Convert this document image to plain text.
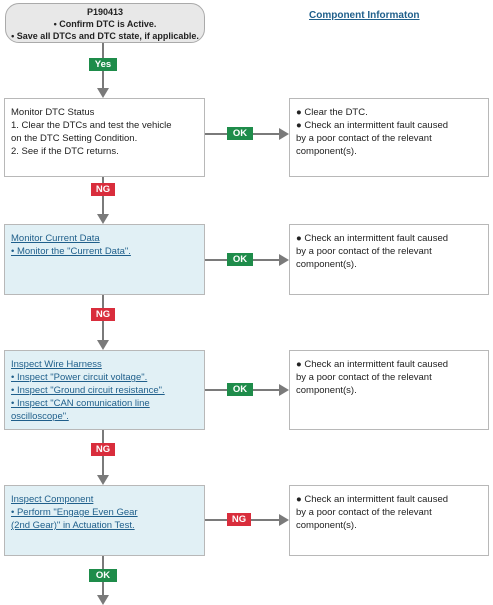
P190413
• Confirm DTC is Active.
• Save all DTCs and DTC state, if applicable.
Component Informaton
Yes
Monitor DTC Status
1. Clear the DTCs and test the vehicle
on the DTC Setting Condition.
2. See if the DTC returns.
OK
● Clear the DTC.
● Check an intermittent fault caused
by a poor contact of the relevant
component(s).
NG
Monitor Current Data
• Monitor the "Current Data".
OK
● Check an intermittent fault caused
by a poor contact of the relevant
component(s).
NG
Inspect Wire Harness
• Inspect "Power circuit voltage".
• Inspect "Ground circuit resistance".
• Inspect "CAN comunication line
oscilloscope".
OK
● Check an intermittent fault caused
by a poor contact of the relevant
component(s).
NG
Inspect Component
• Perform "Engage Even Gear
(2nd Gear)" in Actuation Test.
NG
● Check an intermittent fault caused
by a poor contact of the relevant
component(s).
OK
